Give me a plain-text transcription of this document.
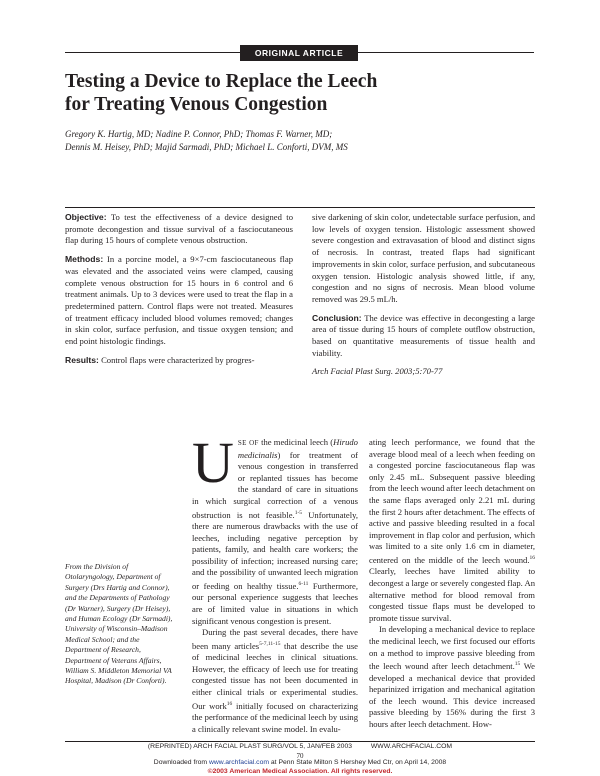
ORIGINAL ARTICLE
Testing a Device to Replace the Leech
for Treating Venous Congestion
Gregory K. Hartig, MD; Nadine P. Connor, PhD; Thomas F. Warner, MD;
Dennis M. Heisey, PhD; Majid Sarmadi, PhD; Michael L. Conforti, DVM, MS

Objective: To test the effectiveness of a device designed to promote decongestion and tissue survival of a fasciocutaneous flap during 15 hours of complete venous obstruction.

Methods: In a porcine model, a 9×7-cm fasciocutaneous flap was elevated and the associated veins were clamped, causing complete venous obstruction for 15 hours in 6 control and 6 treatment animals. Up to 3 devices were used to treat the flap in a predetermined pattern. Control flaps were not treated. Measures of treatment efficacy included blood volumes removed; changes in skin color, surface perfusion, and tissue oxygen tension; and end point histologic findings.

Results: Control flaps were characterized by progres-

sive darkening of skin color, undetectable surface perfusion, and low levels of oxygen tension. Histologic assessment showed severe congestion and extravasation of blood and distinct signs of necrosis. In contrast, treated flaps had significant improvements in skin color, surface perfusion, and subcutaneous oxygen tension. Histologic analysis showed little, if any, congestion and no signs of necrosis. Mean blood volume removed was 29.5 mL/h.

Conclusion: The device was effective in decongesting a large area of tissue during 15 hours of complete outflow obstruction, based on quantitative measurements of tissue health and viability.

Arch Facial Plast Surg. 2003;5:70-77

From the Division of Otolaryngology, Department of Surgery (Drs Hartig and Connor), and the Departments of Pathology (Dr Warner), Surgery (Dr Heisey), and Human Ecology (Dr Sarmadi), University of Wisconsin–Madison Medical School; and the Department of Research, Department of Veterans Affairs, William S. Middleton Memorial VA Hospital, Madison (Dr Conforti).

U SE OF the medicinal leech (Hirudo medicinalis) for treatment of venous congestion in transferred or replanted tissues has become the standard of care in situations in which surgical correction of a venous obstruction is not feasible.$^{1-5}$ Unfortunately, there are numerous drawbacks with the use of leeches, including negative perception by patients, family, and health care workers; the possibility of infection; increased nursing care; and the possibility of unwanted leech migration or feeding on healthy tissue.$^{6-11}$ Furthermore, our personal experience suggests that leeches are of limited value in situations in which significant venous congestion is present.

During the past several decades, there have been many articles$^{5-7,11-15}$ that describe the use of medicinal leeches in clinical situations. However, the efficacy of leech use for treating congested tissue has not been documented in either clinical trials or experimental studies. Our work$^{16}$ initially focused on characterizing the performance of the medicinal leech by using a clinically relevant swine model. In evalu-

ating leech performance, we found that the average blood meal of a leech when feeding on a congested porcine fasciocutaneous flap was only 2.45 mL. Subsequent passive bleeding from the leech wound after leech detachment on the same flaps averaged only 2.21 mL during the first 2 hours after detachment. The effects of active and passive bleeding resulted in a focal improvement in flap color and perfusion, which was limited to a site only 1.6 cm in diameter, centered on the middle of the leech wound.$^{16}$ Clearly, leeches have limited ability to decongest a large or severely congested flap. An alternative method for blood removal from congested tissue flaps must be developed to promote tissue survival.

In developing a mechanical device to replace the medicinal leech, we first focused our efforts on a method to improve passive bleeding from the leech wound after leech detachment.$^{15}$ We developed a mechanical device that provided heparinized irrigation and mechanical agitation of the leech wound. This device increased passive bleeding by 156% during the first 3 hours after leech detachment. How-

(REPRINTED) ARCH FACIAL PLAST SURG/VOL 5, JAN/FEB 2003          WWW.ARCHFACIAL.COM
70
Downloaded from www.archfacial.com at Penn State Milton S Hershey Med Ctr, on April 14, 2008
©2003 American Medical Association. All rights reserved.
